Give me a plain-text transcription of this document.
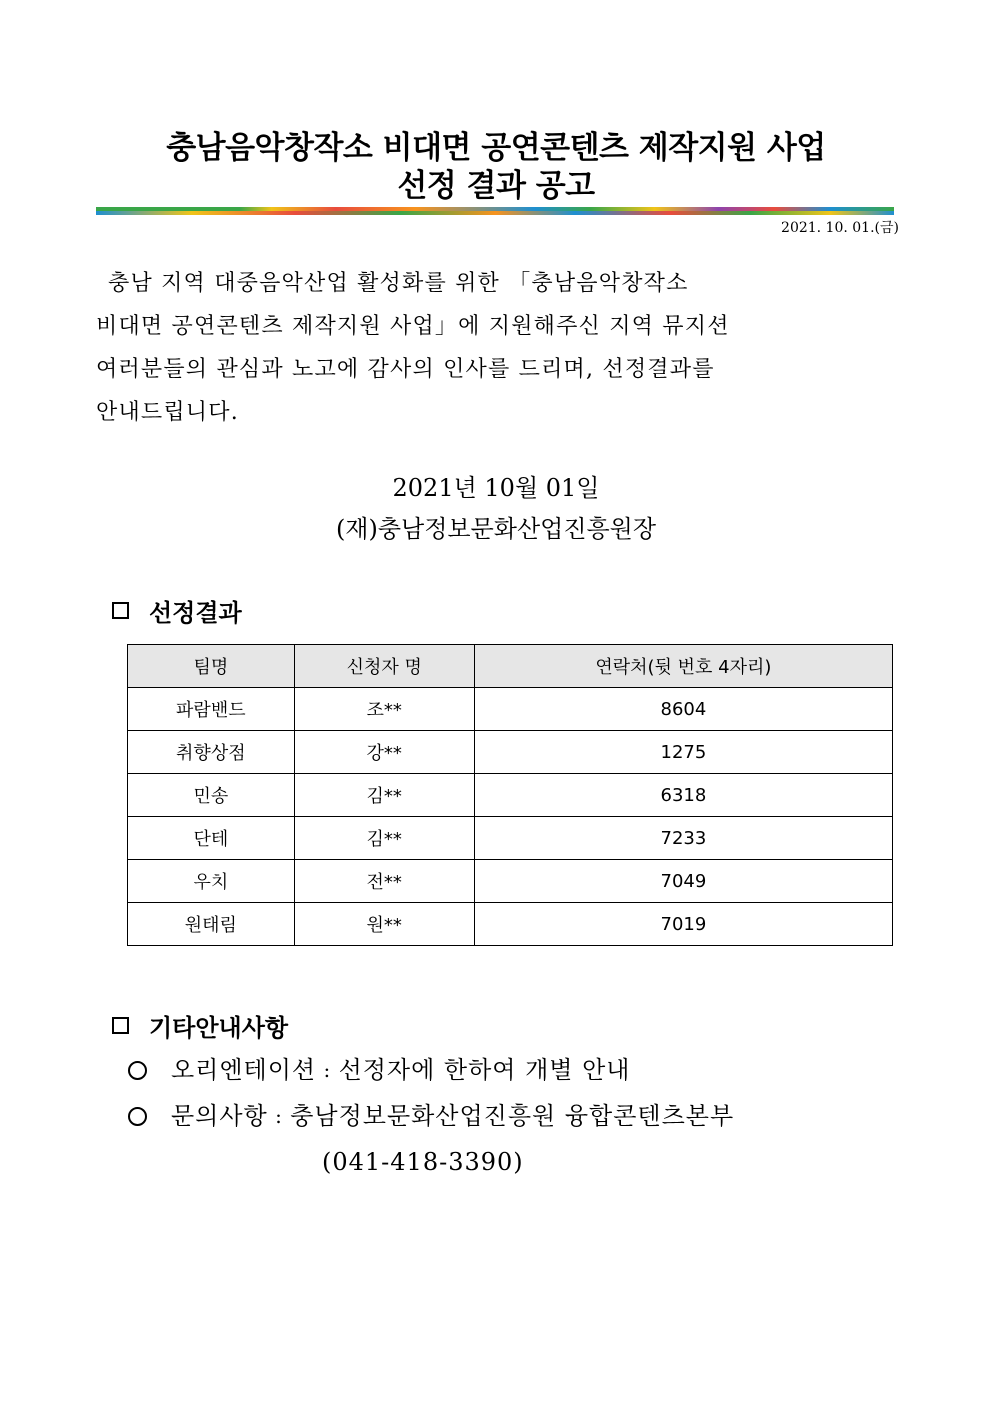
충남음악창작소 비대면 공연콘텐츠 제작지원 사업
선정 결과 공고
2021. 10. 01.(금)
충남 지역 대중음악산업 활성화를 위한 「충남음악창작소
비대면 공연콘텐츠 제작지원 사업」에 지원해주신 지역 뮤지션
여러분들의 관심과 노고에 감사의 인사를 드리며, 선정결과를
안내드립니다.
2021년 10월 01일
(재)충남정보문화산업진흥원장
선정결과
팀명	신청자 명	연락처(뒷 번호 4자리)
파람밴드	조**	8604
취향상점	강**	1275
민송	김**	6318
단테	김**	7233
우치	전**	7049
원태림	원**	7019
기타안내사항
오리엔테이션 : 선정자에 한하여 개별 안내
문의사항 : 충남정보문화산업진흥원 융합콘텐츠본부
(041-418-3390)
